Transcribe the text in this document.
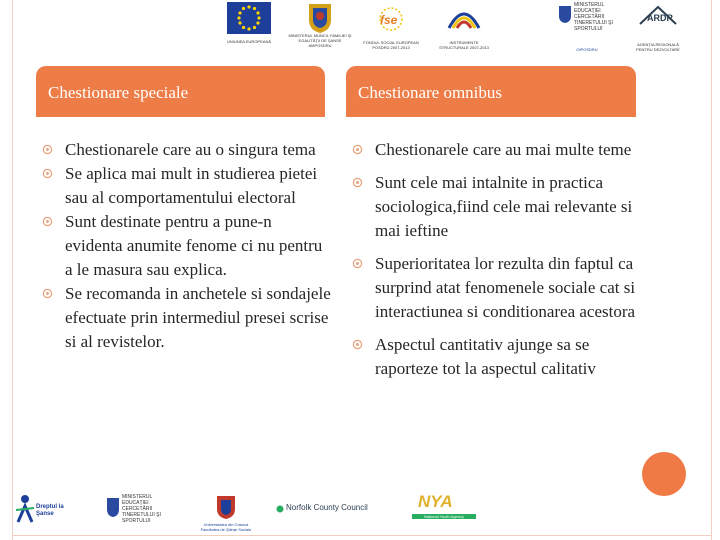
UNIUNEA EUROPEANĂ
MINISTERUL MUNCII, FAMILIEI ŞI EGALITĂŢII DE ŞANSE AMPOSDRU
fse
FONDUL SOCIAL EUROPEAN POSDRU 2007-2013
INSTRUMENTE STRUCTURALE 2007-2013
MINISTERUL EDUCAŢIEI CERCETĂRII TINERETULUI ŞI SPORTULUI
OIPOSDRU
ARDR
AGENŢIA REGIONALĂ PENTRU DEZVOLTARE
Chestionare speciale	Chestionare omnibus
Chestionarele care au o singura tema
Se aplica mai mult in studierea pietei sau al comportamentului electoral
Sunt destinate pentru a pune-n evidenta anumite fenome ci nu pentru a le masura sau explica.
Se recomanda in anchetele si sondajele efectuate prin intermediul presei scrise si al revistelor.
Chestionarele care au mai multe teme
Sunt cele mai intalnite in practica sociologica,fiind cele mai relevante si mai ieftine
Superioritatea lor rezulta din faptul ca surprind atat fenomenele sociale cat si interactiunea si conditionarea acestora
Aspectul cantitativ ajunge sa se raporteze tot la aspectul calitativ
Dreptul la Şanse
MINISTERUL EDUCAŢIEI CERCETĂRII TINERETULUI ŞI SPORTULUI
Universitatea din Craiova Facultatea de Ştiinţe Sociale
Norfolk County Council	NYA
National Youth Agency
